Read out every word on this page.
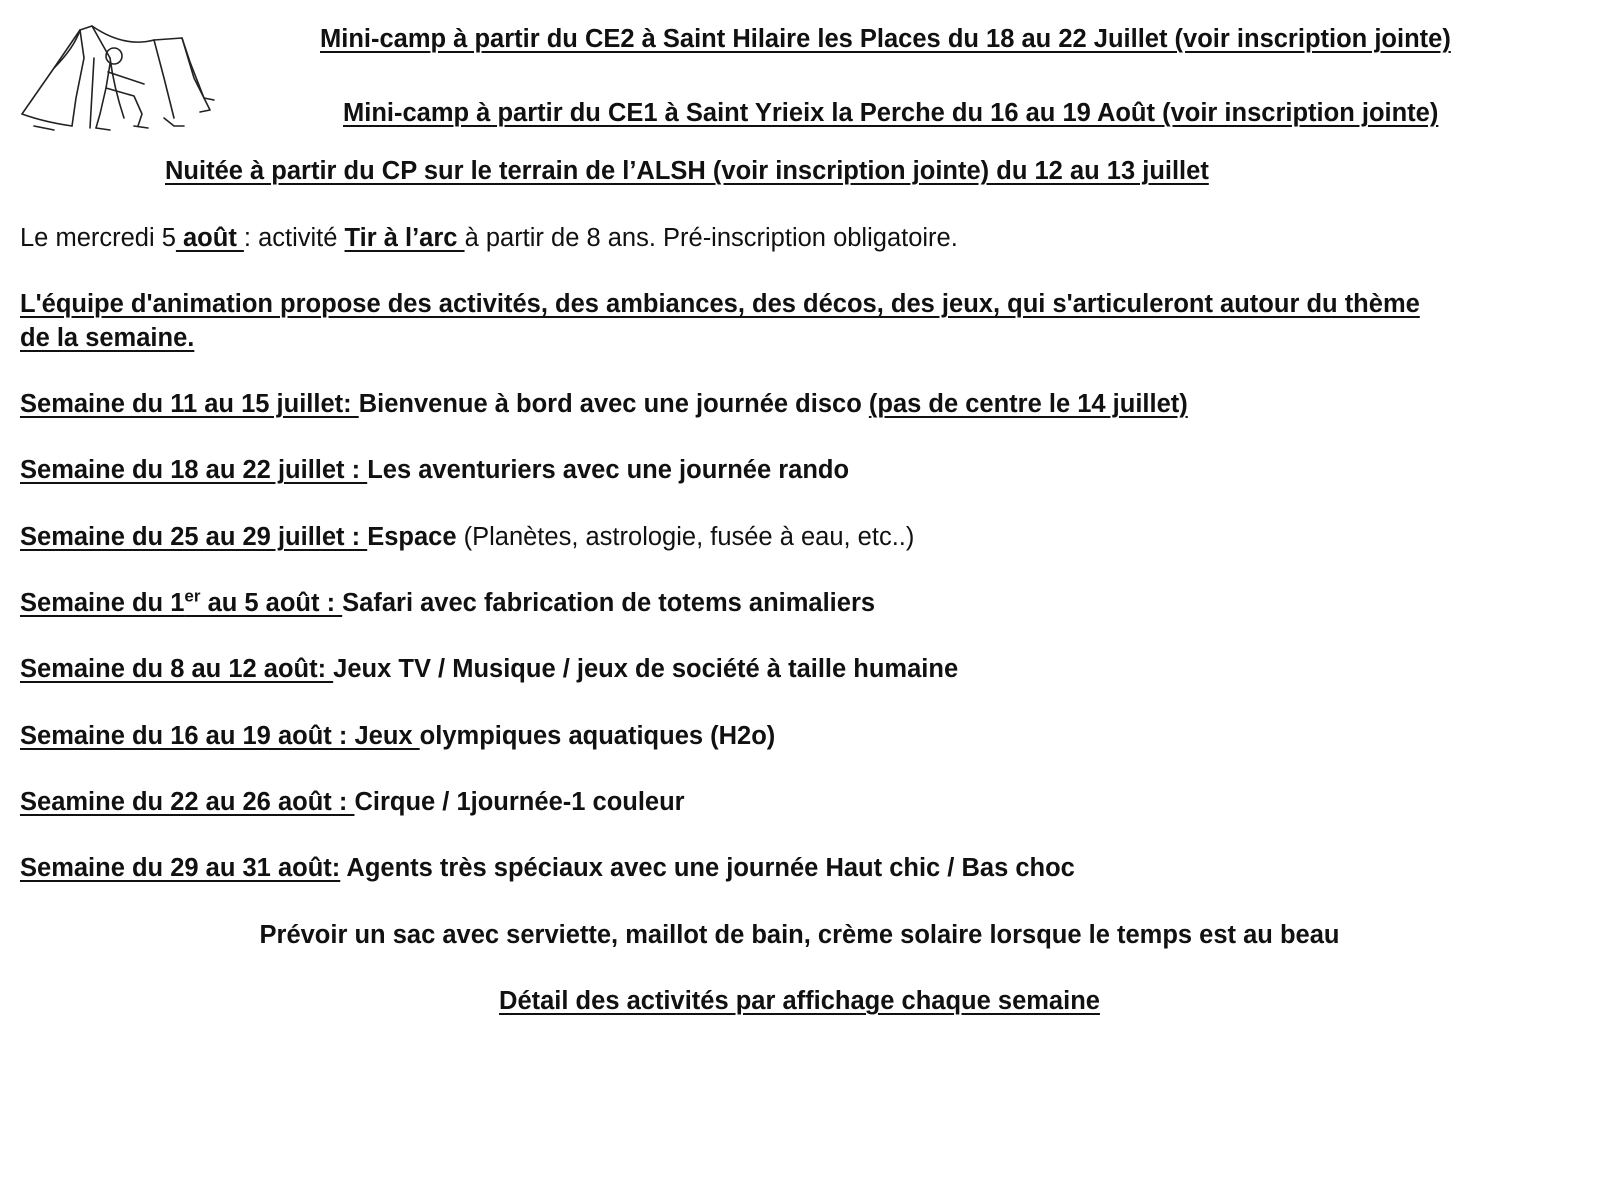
Mini-camp à partir du CE2 à Saint Hilaire les Places du 18 au 22 Juillet (voir inscription jointe)
Mini-camp à partir du CE1 à Saint Yrieix la Perche du 16 au 19 Août (voir inscription jointe)
Nuitée à partir du CP sur le terrain de l’ALSH (voir inscription jointe) du 12 au 13 juillet
Le mercredi 5 août : activité Tir à l’arc à partir de 8 ans. Pré-inscription obligatoire.
L'équipe d'animation propose des activités, des ambiances, des décos, des jeux, qui s'articuleront autour du thème
de la semaine.
Semaine du 11 au 15 juillet: Bienvenue à bord avec une journée disco (pas de centre le 14 juillet)
Semaine du 18 au 22 juillet : Les aventuriers avec une journée rando
Semaine du 25 au 29 juillet : Espace (Planètes, astrologie, fusée à eau, etc..)
Semaine du 1er au 5 août : Safari avec fabrication de totems animaliers
Semaine du 8 au 12 août: Jeux TV / Musique / jeux de société à taille humaine
Semaine du 16 au 19 août : Jeux olympiques aquatiques (H2o)
Seamine du 22 au 26 août : Cirque / 1journée-1 couleur
Semaine du 29 au 31 août: Agents très spéciaux avec une journée Haut chic / Bas choc
Prévoir un sac avec serviette, maillot de bain, crème solaire lorsque le temps est au beau
Détail des activités par affichage chaque semaine
